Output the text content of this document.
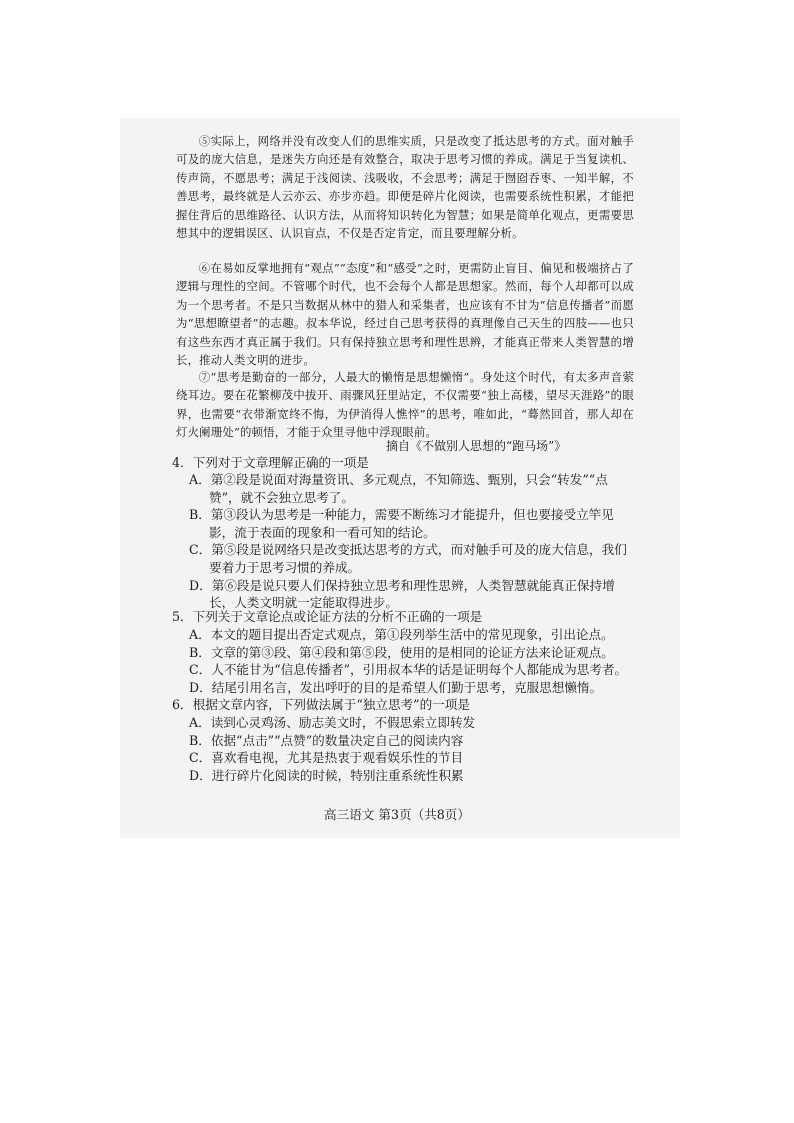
⑤实际上，网络并没有改变人们的思维实质，只是改变了抵达思考的方式。面对触手可及的庞大信息，是迷失方向还是有效整合，取决于思考习惯的养成。满足于当复读机、传声筒，不愿思考；满足于浅阅读、浅吸收，不会思考；满足于囫囵吞枣、一知半解，不善思考，最终就是人云亦云、亦步亦趋。即便是碎片化阅读，也需要系统性积累，才能把握住背后的思维路径、认识方法，从而将知识转化为智慧；如果是简单化观点，更需要思想其中的逻辑误区、认识盲点，不仅是否定肯定，而且要理解分析。
⑥在易如反掌地拥有“观点”“态度”和“感受”之时，更需防止盲目、偏见和极端挤占了逻辑与理性的空间。不管哪个时代，也不会每个人都是思想家。然而，每个人却都可以成为一个思考者。不是只当数据从林中的猎人和采集者，也应该有不甘为“信息传播者”而愿为“思想瞭望者”的志趣。叔本华说，经过自己思考获得的真理像自己天生的四肢——也只有这些东西才真正属于我们。只有保持独立思考和理性思辨，才能真正带来人类智慧的增长，推动人类文明的进步。
⑦“思考是勤奋的一部分，人最大的懒惰是思想懒惰”。身处这个时代，有太多声音萦绕耳边。要在花繁柳茂中拔开、雨骤风狂里站定，不仅需要“独上高楼，望尽天涯路”的眼界，也需要“衣带渐宽终不悔，为伊消得人憔悴”的思考，唯如此，“蓦然回首，那人却在灯火阑珊处”的顿悟，才能于众里寻他中浮现眼前。
摘自《不做别人思想的“跑马场”》
4．下列对于文章理解正确的一项是
A．第②段是说面对海量资讯、多元观点，不知筛选、甄别，只会“转发”“点赞”，就不会独立思考了。
B．第③段认为思考是一种能力，需要不断练习才能提升，但也要接受立竿见影，流于表面的现象和一看可知的结论。
C．第⑤段是说网络只是改变抵达思考的方式，而对触手可及的庞大信息，我们要着力于思考习惯的养成。
D．第⑥段是说只要人们保持独立思考和理性思辨，人类智慧就能真正保持增长，人类文明就一定能取得进步。
5．下列关于文章论点或论证方法的分析不正确的一项是
A．本文的题目提出否定式观点，第①段列举生活中的常见现象，引出论点。
B．文章的第③段、第④段和第⑤段，使用的是相同的论证方法来论证观点。
C．人不能甘为“信息传播者”，引用叔本华的话是证明每个人都能成为思考者。
D．结尾引用名言，发出呼吁的目的是希望人们勤于思考，克服思想懒惰。
6．根据文章内容，下列做法属于“独立思考”的一项是
A．读到心灵鸡汤、励志美文时，不假思索立即转发
B．依据“点击”“点赞”的数量决定自己的阅读内容
C．喜欢看电视，尤其是热衷于观看娱乐性的节目
D．进行碎片化阅读的时候，特别注重系统性积累
高三语文 第3页（共8页）
